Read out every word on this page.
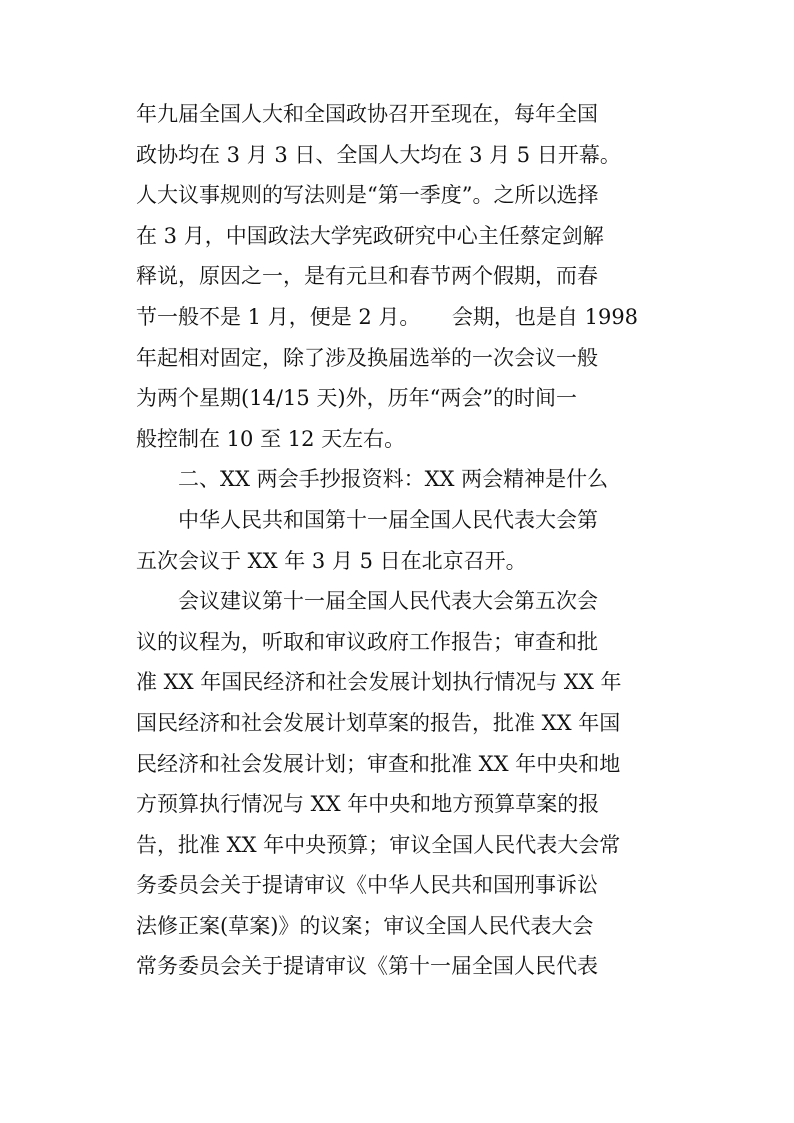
年九届全国人大和全国政协召开至现在，每年全国
政协均在 3 月 3 日、全国人大均在 3 月 5 日开幕。
人大议事规则的写法则是“第一季度”。之所以选择
在 3 月，中国政法大学宪政研究中心主任蔡定剑解
释说，原因之一，是有元旦和春节两个假期，而春
节一般不是 1 月，便是 2 月。　　会期，也是自 1998
年起相对固定，除了涉及换届选举的一次会议一般
为两个星期(14/15 天)外，历年“两会”的时间一
般控制在 10 至 12 天左右。
　　二、XX 两会手抄报资料：XX 两会精神是什么
　　中华人民共和国第十一届全国人民代表大会第
五次会议于 XX 年 3 月 5 日在北京召开。
　　会议建议第十一届全国人民代表大会第五次会
议的议程为，听取和审议政府工作报告；审查和批
准 XX 年国民经济和社会发展计划执行情况与 XX 年
国民经济和社会发展计划草案的报告，批准 XX 年国
民经济和社会发展计划；审查和批准 XX 年中央和地
方预算执行情况与 XX 年中央和地方预算草案的报
告，批准 XX 年中央预算；审议全国人民代表大会常
务委员会关于提请审议《中华人民共和国刑事诉讼
法修正案(草案)》的议案；审议全国人民代表大会
常务委员会关于提请审议《第十一届全国人民代表
